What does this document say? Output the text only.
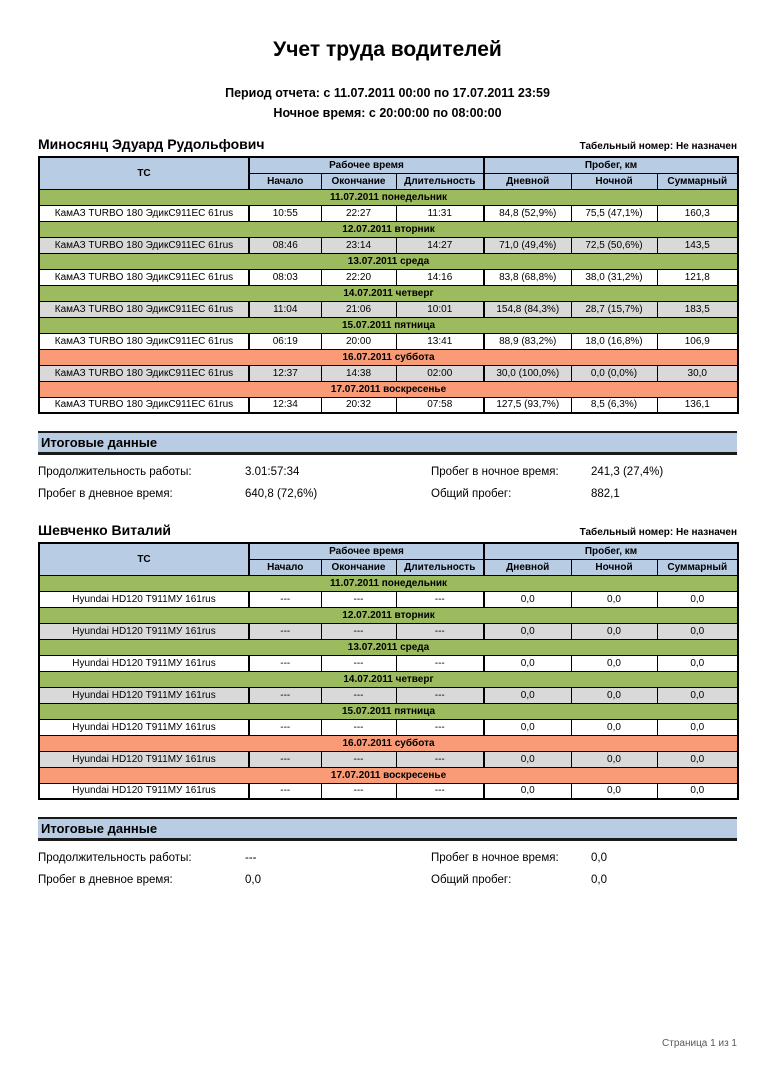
Учет труда водителей
Период отчета: с 11.07.2011 00:00 по 17.07.2011 23:59
Ночное время: с 20:00:00 по 08:00:00
Миносянц Эдуард Рудольфович	Табельный номер: Не назначен
ТС	Рабочее время			Пробег, км		
	Начало	Окончание	Длительность	Дневной	Ночной	Суммарный
11.07.2011 понедельник						
КамАЗ TURBO 180 ЭдикС911ЕС 61rus	10:55	22:27	11:31	84,8 (52,9%)	75,5 (47,1%)	160,3
12.07.2011 вторник						
КамАЗ TURBO 180 ЭдикС911ЕС 61rus	08:46	23:14	14:27	71,0 (49,4%)	72,5 (50,6%)	143,5
13.07.2011 среда						
КамАЗ TURBO 180 ЭдикС911ЕС 61rus	08:03	22:20	14:16	83,8 (68,8%)	38,0 (31,2%)	121,8
14.07.2011 четверг						
КамАЗ TURBO 180 ЭдикС911ЕС 61rus	11:04	21:06	10:01	154,8 (84,3%)	28,7 (15,7%)	183,5
15.07.2011 пятница						
КамАЗ TURBO 180 ЭдикС911ЕС 61rus	06:19	20:00	13:41	88,9 (83,2%)	18,0 (16,8%)	106,9
16.07.2011 суббота						
КамАЗ TURBO 180 ЭдикС911ЕС 61rus	12:37	14:38	02:00	30,0 (100,0%)	0,0 (0,0%)	30,0
17.07.2011 воскресенье						
КамАЗ TURBO 180 ЭдикС911ЕС 61rus	12:34	20:32	07:58	127,5 (93,7%)	8,5 (6,3%)	136,1
Итоговые данные
Продолжительность работы:	3.01:57:34	Пробег в ночное время:	241,3 (27,4%)
Пробег в дневное время:	640,8 (72,6%)	Общий пробег:	882,1
Шевченко Виталий	Табельный номер: Не назначен
ТС	Рабочее время			Пробег, км		
	Начало	Окончание	Длительность	Дневной	Ночной	Суммарный
11.07.2011 понедельник						
Hyundai HD120 Т911МУ 161rus	---	---	---	0,0	0,0	0,0
12.07.2011 вторник						
Hyundai HD120 Т911МУ 161rus	---	---	---	0,0	0,0	0,0
13.07.2011 среда						
Hyundai HD120 Т911МУ 161rus	---	---	---	0,0	0,0	0,0
14.07.2011 четверг						
Hyundai HD120 Т911МУ 161rus	---	---	---	0,0	0,0	0,0
15.07.2011 пятница						
Hyundai HD120 Т911МУ 161rus	---	---	---	0,0	0,0	0,0
16.07.2011 суббота						
Hyundai HD120 Т911МУ 161rus	---	---	---	0,0	0,0	0,0
17.07.2011 воскресенье						
Hyundai HD120 Т911МУ 161rus	---	---	---	0,0	0,0	0,0
Итоговые данные
Продолжительность работы:	---	Пробег в ночное время:	0,0
Пробег в дневное время:	0,0	Общий пробег:	0,0
Страница 1 из 1
